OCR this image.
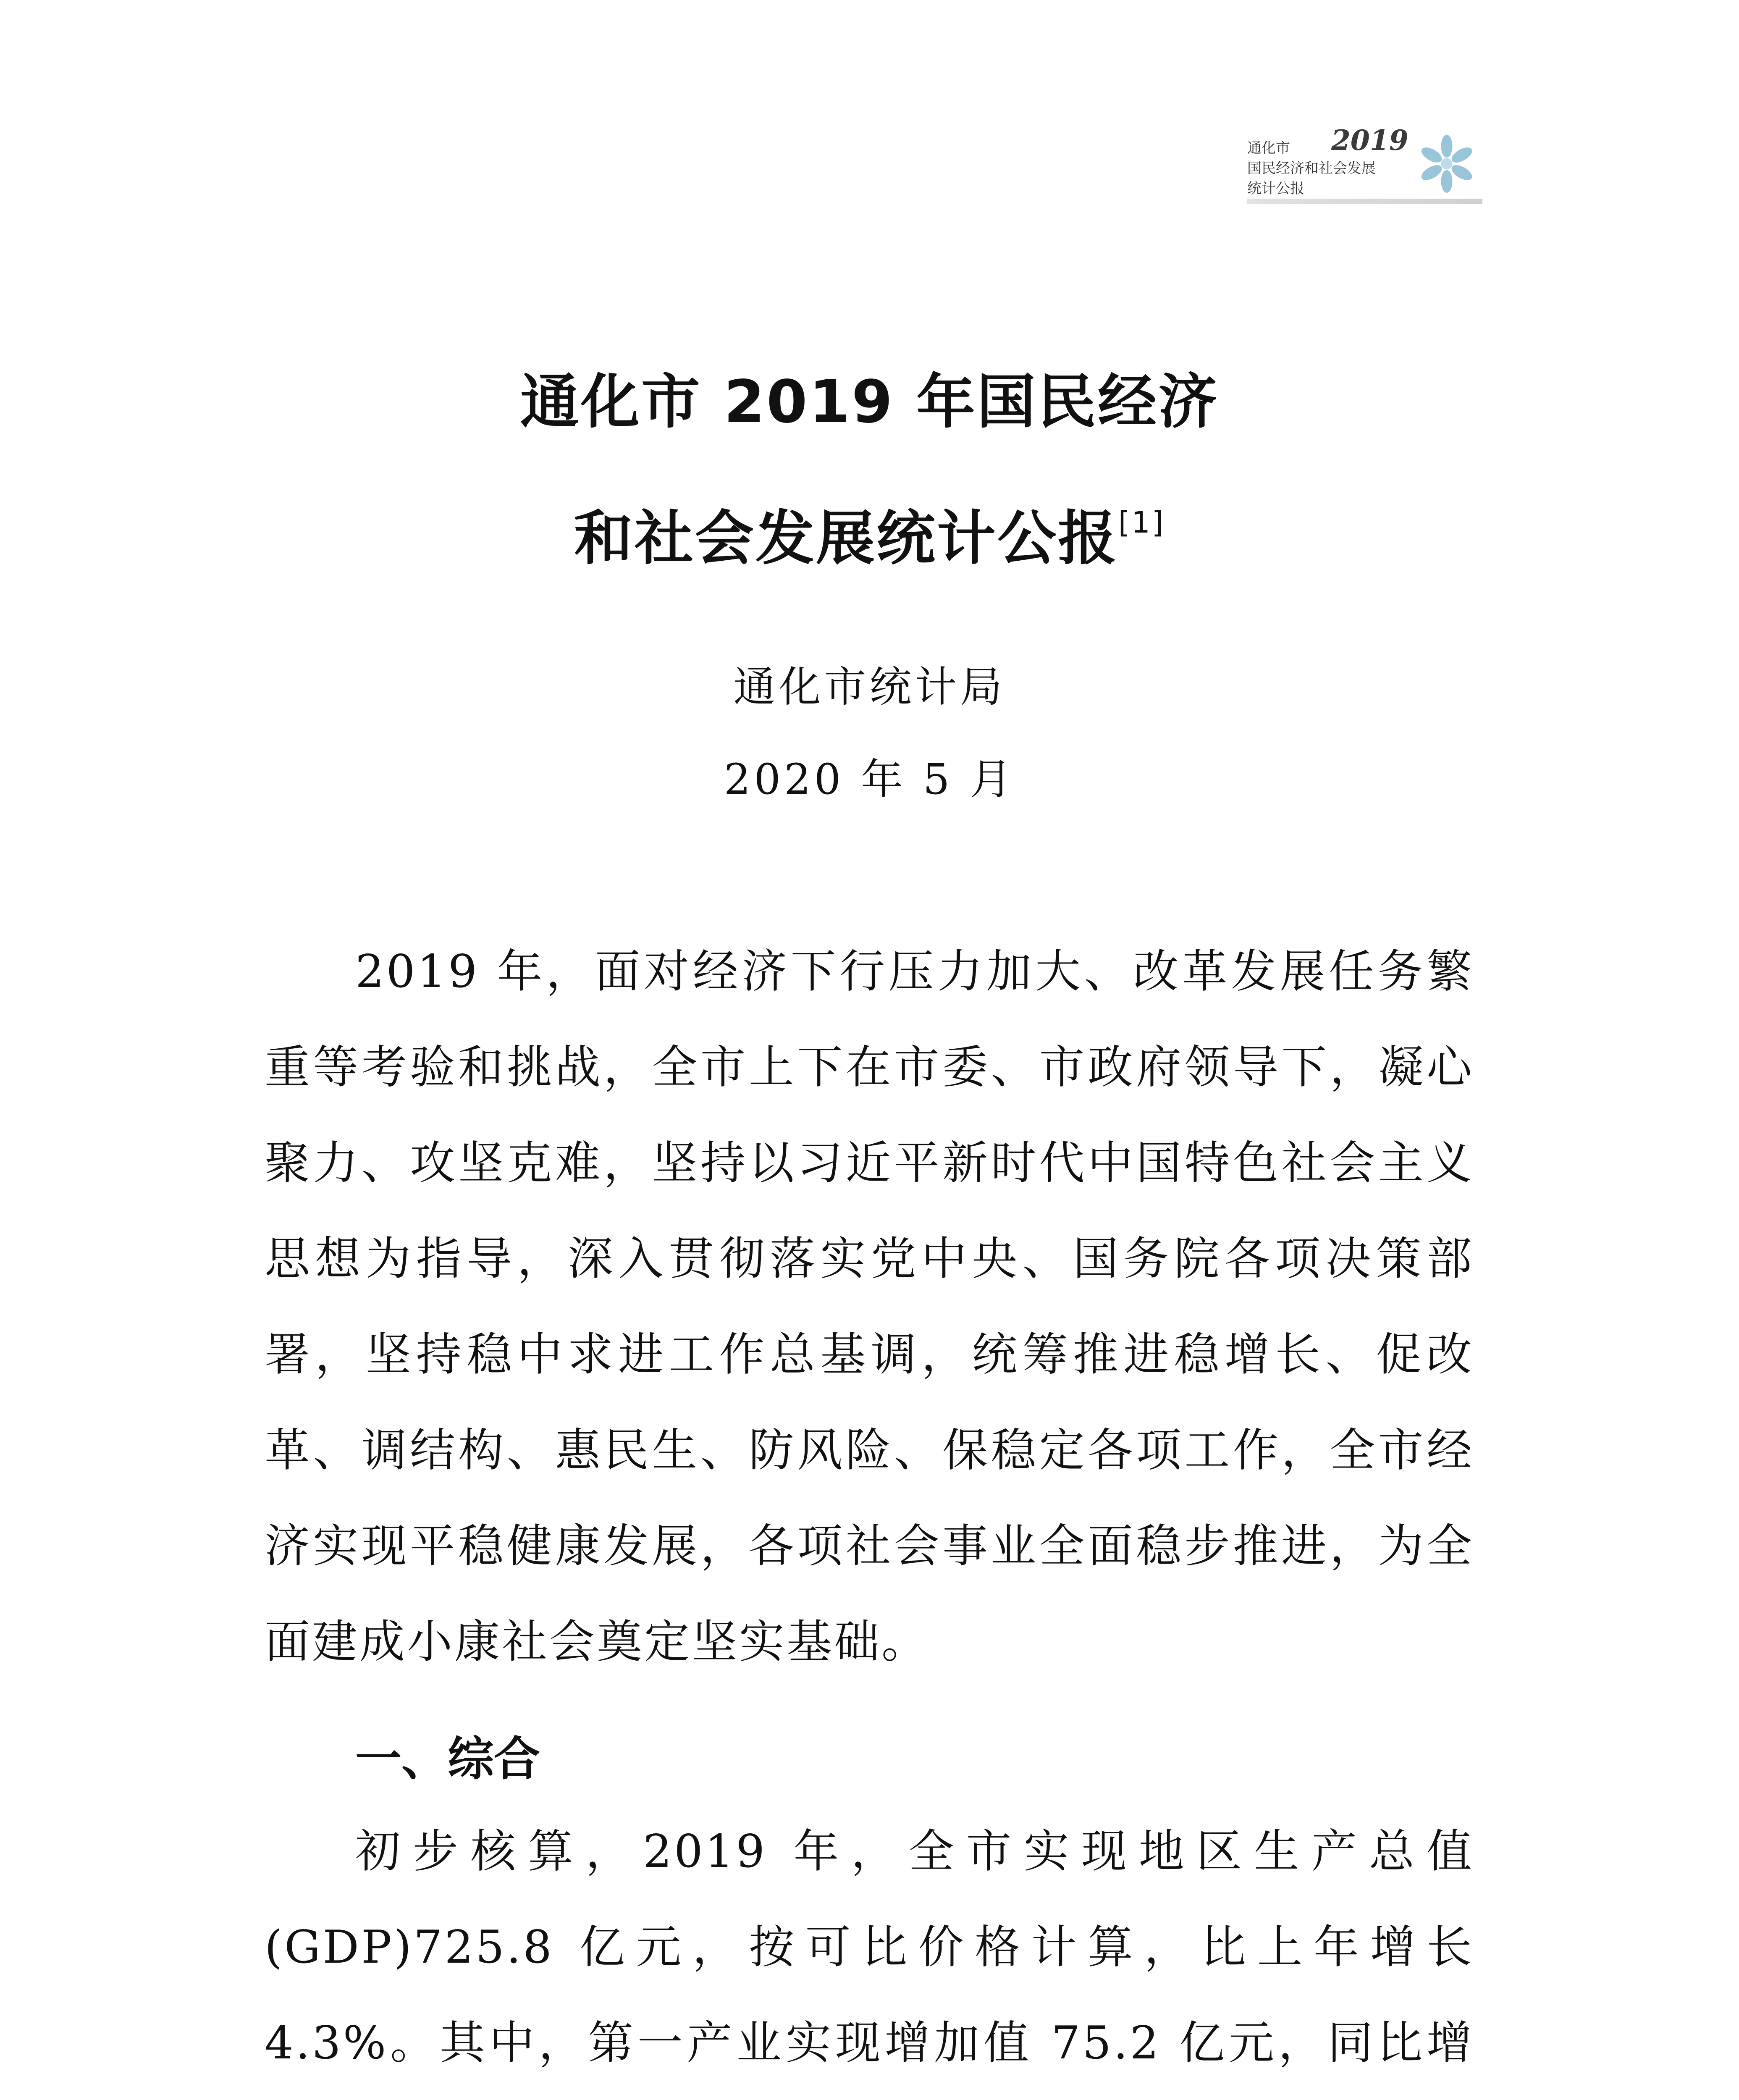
通化市
国民经济和社会发展
统计公报
2019
通化市 2019 年国民经济
和社会发展统计公报[1]
通化市统计局
2020 年 5 月

2019 年，面对经济下行压力加大、改革发展任务繁重等考验和挑战，全市上下在市委、市政府领导下，凝心聚力、攻坚克难，坚持以习近平新时代中国特色社会主义思想为指导，深入贯彻落实党中央、国务院各项决策部署，坚持稳中求进工作总基调，统筹推进稳增长、促改革、调结构、惠民生、防风险、保稳定各项工作，全市经济实现平稳健康发展，各项社会事业全面稳步推进，为全面建成小康社会奠定坚实基础。

一、综合

初步核算，2019 年，全市实现地区生产总值(GDP)725.8 亿元，按可比价格计算，比上年增长 4.3%。其中，第一产业实现增加值 75.2 亿元，同比增
